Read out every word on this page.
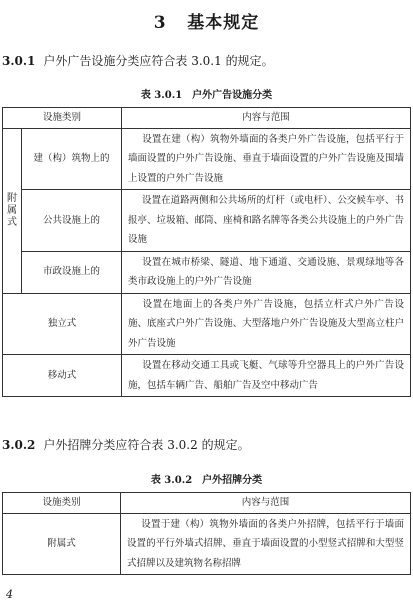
3 基本规定
3.0.1 户外广告设施分类应符合表 3.0.1 的规定。
表 3.0.1　户外广告设施分类
设施类别		内容与范围
附属式	建（构）筑物上的	设置在建（构）筑物外墙面的各类户外广告设施，包括平行于墙面设置的户外广告设施、垂直于墙面设置的户外广告设施及围墙上设置的户外广告设施
	公共设施上的	设置在道路两侧和公共场所的灯杆（或电杆）、公交候车亭、书报亭、垃圾箱、邮筒、座椅和路名牌等各类公共设施上的户外广告设施
	市政设施上的	设置在城市桥梁、隧道、地下通道、交通设施、景观绿地等各类市政设施上的户外广告设施
独立式		设置在地面上的各类户外广告设施，包括立杆式户外广告设施、底座式户外广告设施、大型落地户外广告设施及大型高立柱户外广告设施
移动式		设置在移动交通工具或飞艇、气球等升空器具上的户外广告设施，包括车辆广告、船舶广告及空中移动广告
3.0.2 户外招牌分类应符合表 3.0.2 的规定。
表 3.0.2　户外招牌分类
设施类别	内容与范围
附属式	设置于建（构）筑物外墙面的各类户外招牌，包括平行于墙面设置的平行外墙式招牌、垂直于墙面设置的小型竖式招牌和大型竖式招牌以及建筑物名称招牌
4
